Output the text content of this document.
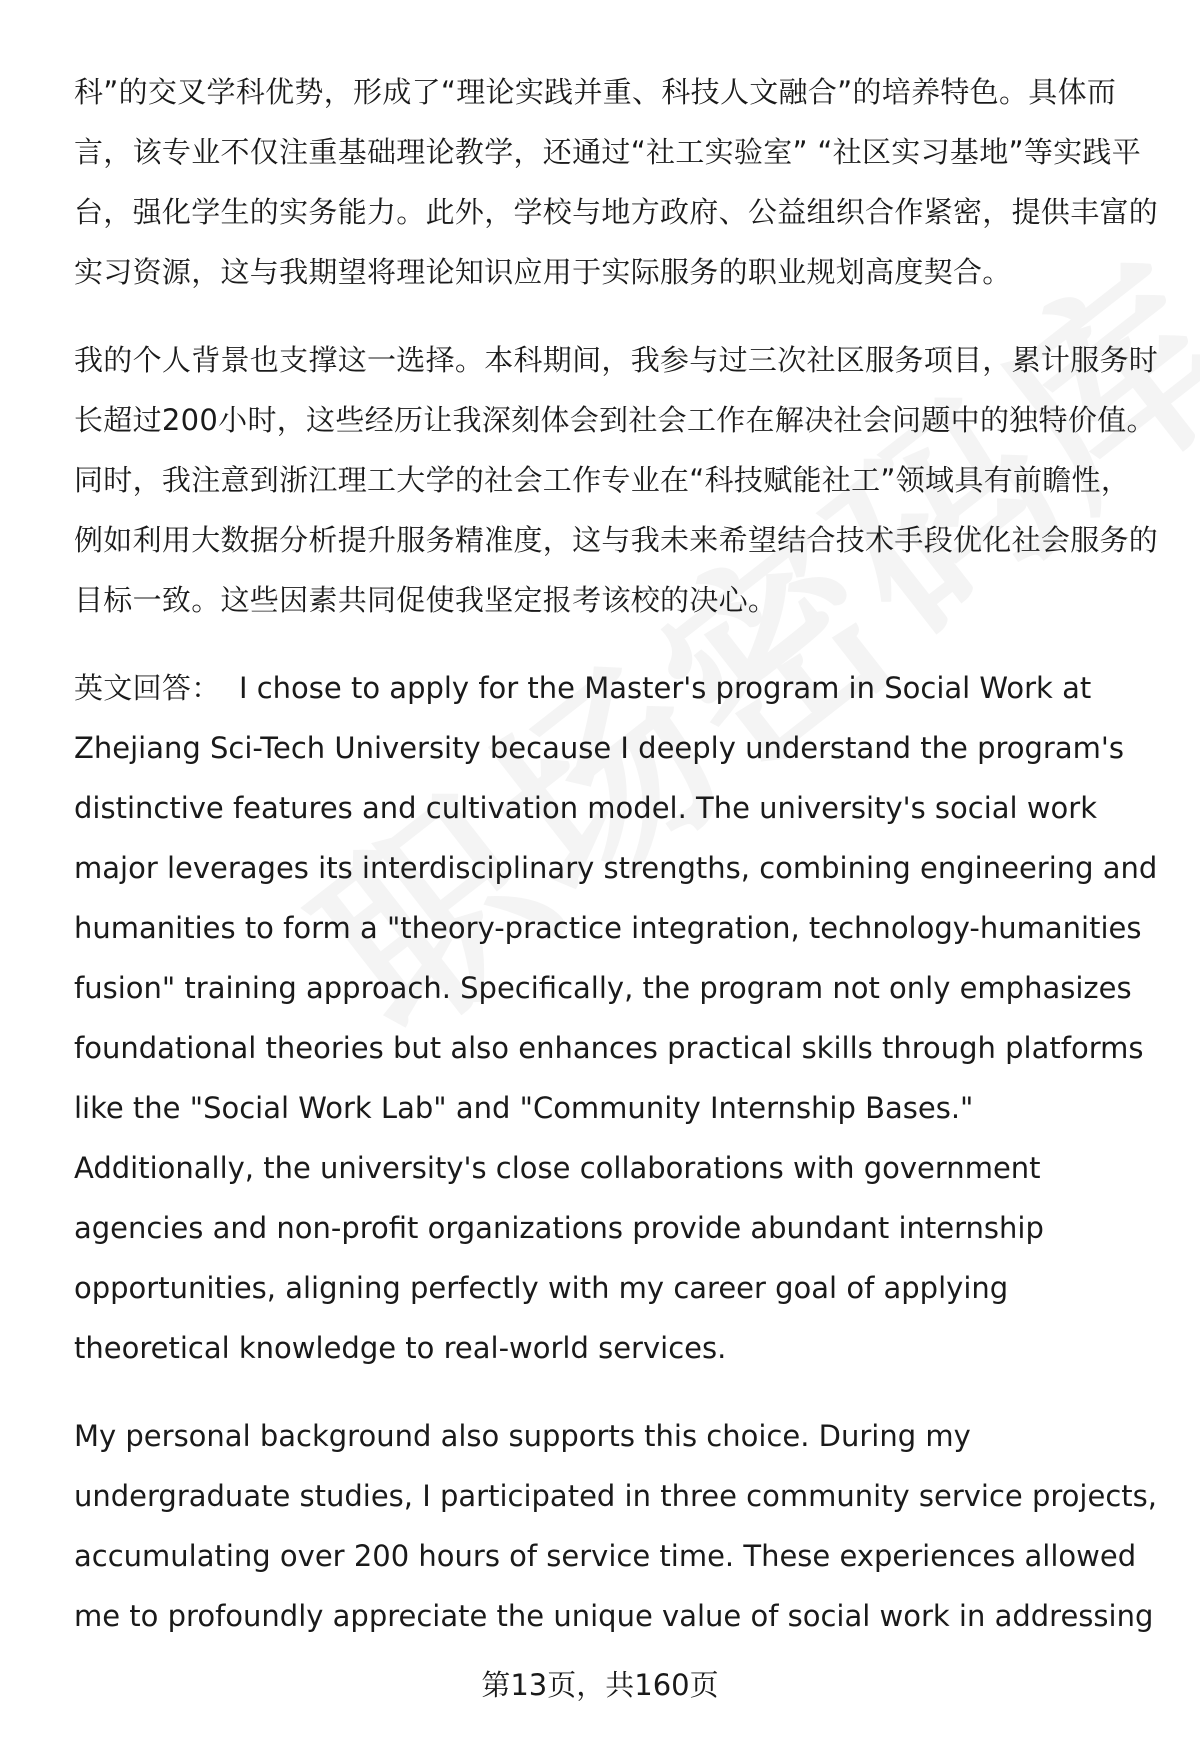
科”的交叉学科优势，形成了“理论实践并重、科技人文融合”的培养特色。具体而言，该专业不仅注重基础理论教学，还通过“社工实验室” “社区实习基地”等实践平台，强化学生的实务能力。此外，学校与地方政府、公益组织合作紧密，提供丰富的实习资源，这与我期望将理论知识应用于实际服务的职业规划高度契合。

我的个人背景也支撑这一选择。本科期间，我参与过三次社区服务项目，累计服务时长超过200小时，这些经历让我深刻体会到社会工作在解决社会问题中的独特价值。同时，我注意到浙江理工大学的社会工作专业在“科技赋能社工”领域具有前瞻性，例如利用大数据分析提升服务精准度，这与我未来希望结合技术手段优化社会服务的目标一致。这些因素共同促使我坚定报考该校的决心。

英文回答： I chose to apply for the Master's program in Social Work at Zhejiang Sci-Tech University because I deeply understand the program's distinctive features and cultivation model. The university's social work major leverages its interdisciplinary strengths, combining engineering and humanities to form a "theory-practice integration, technology-humanities fusion" training approach. Specifically, the program not only emphasizes foundational theories but also enhances practical skills through platforms like the "Social Work Lab" and "Community Internship Bases." Additionally, the university's close collaborations with government agencies and non-profit organizations provide abundant internship opportunities, aligning perfectly with my career goal of applying theoretical knowledge to real-world services.

My personal background also supports this choice. During my undergraduate studies, I participated in three community service projects, accumulating over 200 hours of service time. These experiences allowed me to profoundly appreciate the unique value of social work in addressing

第13页，共160页
